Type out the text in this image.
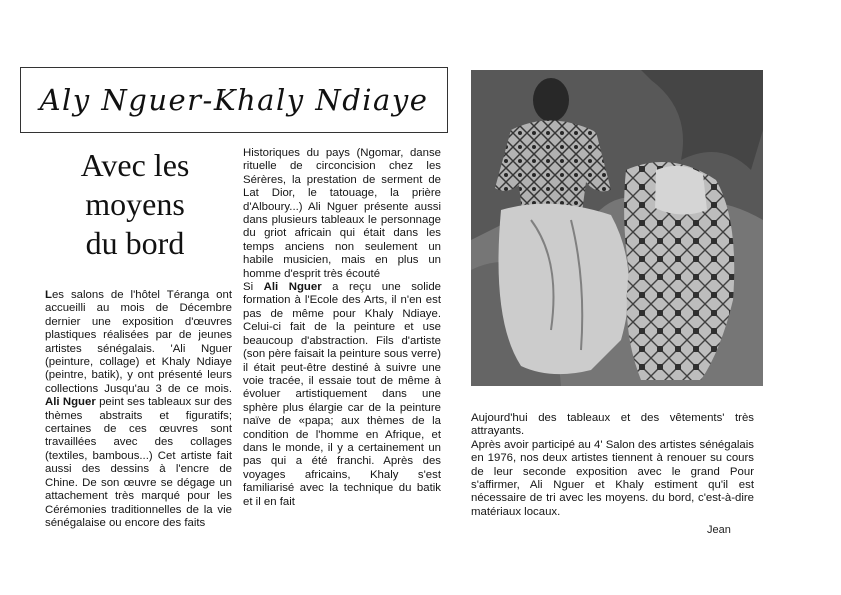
Aly Nguer-Khaly Ndiaye
Avec les
moyens
du bord

Les salons de l'hôtel Téranga ont accueilli au mois de Décembre dernier une exposition d'œuvres plastiques réalisées par de jeunes artistes sénégalais. 'Ali Nguer (peinture, collage) et Khaly Ndiaye (peintre, batik), y ont présenté leurs collections Jusqu'au 3 de ce mois. Ali Nguer peint ses tableaux sur des thèmes abstraits et figuratifs; certaines de ces œuvres sont travaillées avec des collages (textiles, bambous...) Cet artiste fait aussi des dessins à l'encre de Chine. De son œuvre se dégage un attachement très marqué pour les Cérémonies traditionnelles de la vie sénégalaise ou encore des faits

Historiques du pays (Ngomar, danse rituelle de circoncision chez les Sérères, la prestation de serment de Lat Dior, le tatouage, la prière d'Alboury...) Ali Nguer présente aussi dans plusieurs tableaux le personnage du griot africain qui était dans les temps anciens non seulement un habile musicien, mais en plus un homme d'esprit très écouté

Si Ali Nguer a reçu une solide formation à l'Ecole des Arts, il n'en est pas de même pour Khaly Ndiaye. Celui-ci fait de la peinture et use beaucoup d'abstraction. Fils d'artiste (son père faisait la peinture sous verre) il était peut-être destiné à suivre une voie tracée, il essaie tout de même à évoluer artistiquement dans une sphère plus élargie car de la peinture naïve de «papa; aux thèmes de la condition de l'homme en Afrique, et dans le monde, il y a certainement un pas qui a été franchi. Après des voyages africains, Khaly s'est familiarisé avec la technique du batik et il en fait

Aujourd'hui des tableaux et des vêtements' très attrayants.

Après avoir participé au 4' Salon des artistes sénégalais en 1976, nos deux artistes tiennent à renouer su cours de leur seconde exposition avec le grand Pour s'affirmer, Ali Nguer et Khaly estiment qu'il est nécessaire de tri avec les moyens. du bord, c'est-à-dire matériaux locaux.

Jean
